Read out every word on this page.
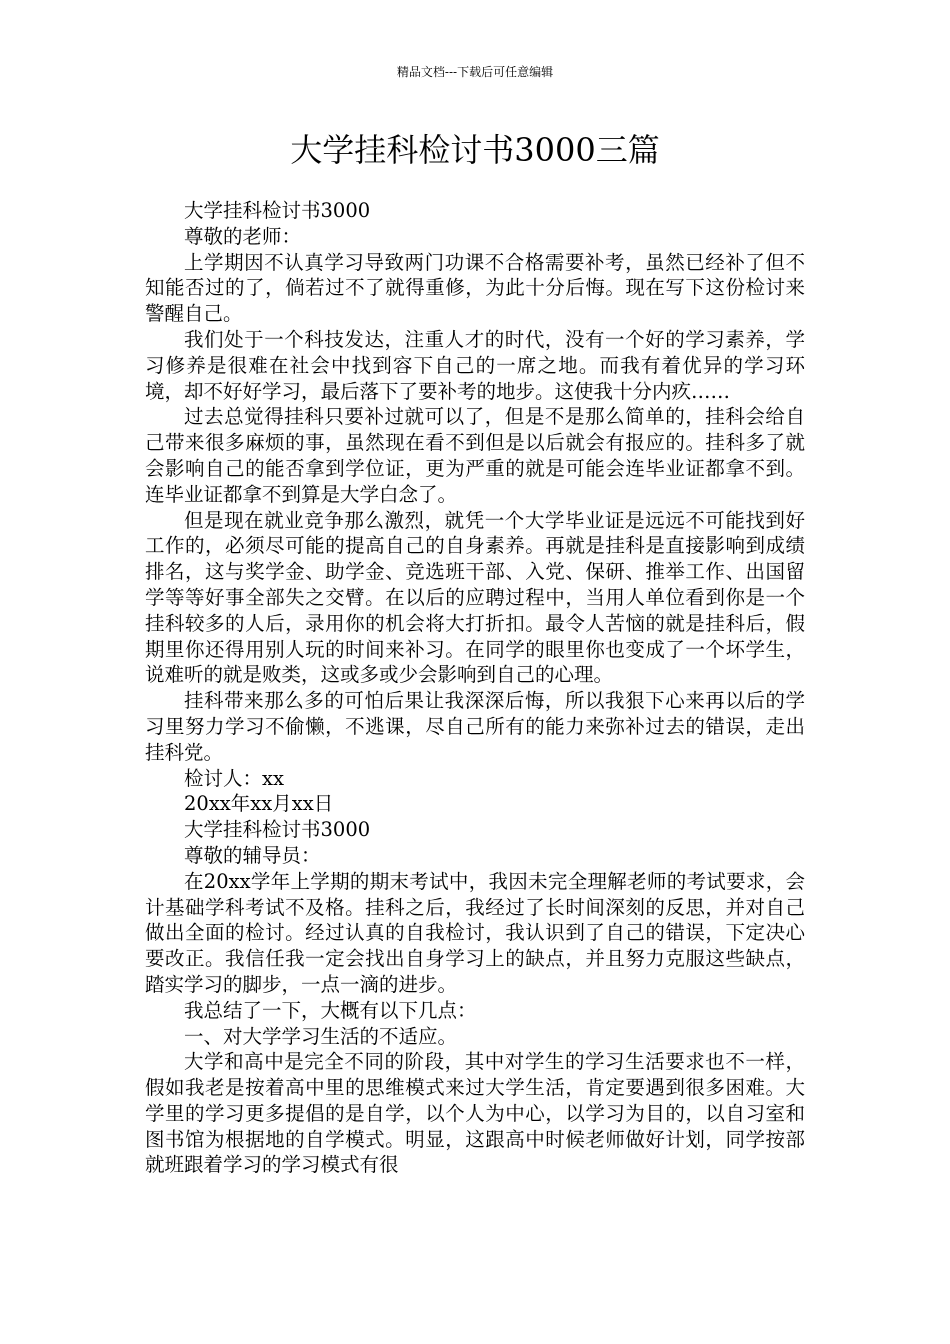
精品文档---下载后可任意编辑
大学挂科检讨书3000三篇

大学挂科检讨书3000

尊敬的老师：

上学期因不认真学习导致两门功课不合格需要补考，虽然已经补了但不知能否过的了，倘若过不了就得重修，为此十分后悔。现在写下这份检讨来警醒自己。

我们处于一个科技发达，注重人才的时代，没有一个好的学习素养，学习修养是很难在社会中找到容下自己的一席之地。而我有着优异的学习环境，却不好好学习，最后落下了要补考的地步。这使我十分内疚……

过去总觉得挂科只要补过就可以了，但是不是那么简单的，挂科会给自己带来很多麻烦的事，虽然现在看不到但是以后就会有报应的。挂科多了就会影响自己的能否拿到学位证，更为严重的就是可能会连毕业证都拿不到。连毕业证都拿不到算是大学白念了。

但是现在就业竞争那么激烈，就凭一个大学毕业证是远远不可能找到好工作的，必须尽可能的提高自己的自身素养。再就是挂科是直接影响到成绩排名，这与奖学金、助学金、竞选班干部、入党、保研、推举工作、出国留学等等好事全部失之交臂。在以后的应聘过程中，当用人单位看到你是一个挂科较多的人后，录用你的机会将大打折扣。最令人苦恼的就是挂科后，假期里你还得用别人玩的时间来补习。在同学的眼里你也变成了一个坏学生，说难听的就是败类，这或多或少会影响到自己的心理。

挂科带来那么多的可怕后果让我深深后悔，所以我狠下心来再以后的学习里努力学习不偷懒，不逃课，尽自己所有的能力来弥补过去的错误，走出挂科党。

检讨人：xx

20xx年xx月xx日

大学挂科检讨书3000

尊敬的辅导员：

在20xx学年上学期的期末考试中，我因未完全理解老师的考试要求，会计基础学科考试不及格。挂科之后，我经过了长时间深刻的反思，并对自己做出全面的检讨。经过认真的自我检讨，我认识到了自己的错误，下定决心要改正。我信任我一定会找出自身学习上的缺点，并且努力克服这些缺点，踏实学习的脚步，一点一滴的进步。

我总结了一下，大概有以下几点：

一、对大学学习生活的不适应。

大学和高中是完全不同的阶段，其中对学生的学习生活要求也不一样，假如我老是按着高中里的思维模式来过大学生活，肯定要遇到很多困难。大学里的学习更多提倡的是自学，以个人为中心，以学习为目的，以自习室和图书馆为根据地的自学模式。明显，这跟高中时候老师做好计划，同学按部就班跟着学习的学习模式有很
